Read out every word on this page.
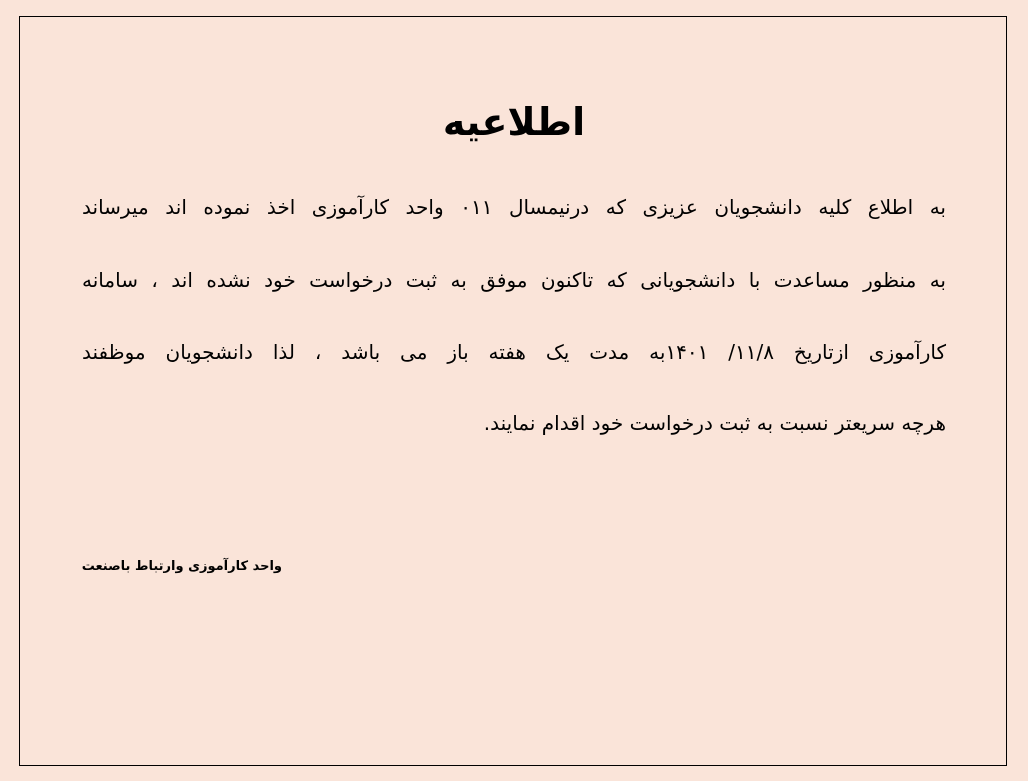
اطلاعیه
به اطلاع کلیه دانشجویان عزیزی که درنیمسال ۰۱۱ واحد کارآموزی اخذ نموده اند میرساند
به منظور مساعدت با دانشجویانی که تاکنون موفق به ثبت درخواست خود نشده اند ، سامانه
کارآموزی ازتاریخ ۱۱/۸/ ۱۴۰۱به مدت یک هفته باز می باشد ، لذا دانشجویان موظفند
هرچه سریعتر نسبت به ثبت درخواست خود اقدام نمایند.
واحد کارآموزی وارتباط باصنعت
